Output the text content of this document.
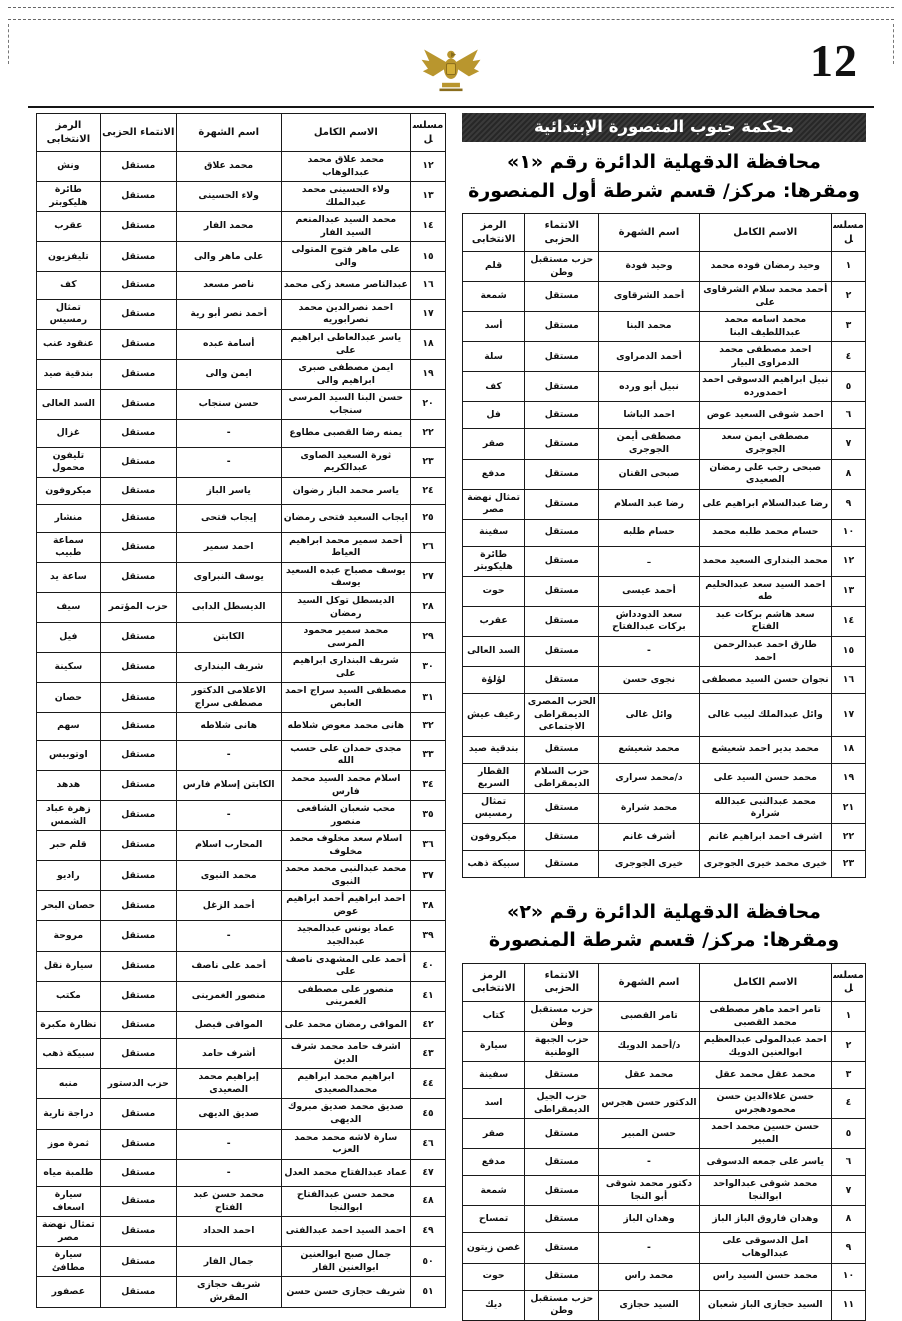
12
محكمة جنوب المنصورة الإبتدائية
محافظة الدقهلية الدائرة رقم «١»
ومقرها: مركز/ قسم شرطة أول المنصورة
مسلسل	الاسم الكامل	اسم الشهرة	الانتماء الحزبى	الرمز الانتخابى
١	وحيد رمضان فوده محمد	وحيد فودة	حزب مستقبل وطن	قلم
٢	أحمد محمد سلام الشرقاوى على	أحمد الشرقاوى	مستقل	شمعة
٣	محمد اسامه محمد عبداللطيف البنا	محمد البنا	مستقل	أسد
٤	احمد مصطفى محمد الدمراوى البيار	أحمد الدمراوى	مستقل	سلة
٥	نبيل ابراهيم الدسوقى احمد احمدورده	نبيل أبو ورده	مستقل	كف
٦	احمد شوقى السعيد عوض	احمد الباشا	مستقل	فل
٧	مصطفى ايمن سعد الجوجرى	مصطفى أيمن الجوجرى	مستقل	صقر
٨	صبحى رجب على رمضان الصعيدى	صبحى القنان	مستقل	مدفع
٩	رضا عبدالسلام ابراهيم على	رضا عبد السلام	مستقل	تمثال نهضة مصر
١٠	حسام محمد طلبه محمد	حسام طلبه	مستقل	سفينة
١٢	محمد البندارى السعيد محمد	ـ	مستقل	طائرة هليكوبتر
١٣	احمد السيد سعد عبدالحليم طه	أحمد عيسى	مستقل	حوت
١٤	سعد هاشم بركات عبد الفتاح	سعد الدودداش بركات عبدالفتاح	مستقل	عقرب
١٥	طارق احمد عبدالرحمن احمد	-	مستقل	السد العالى
١٦	نجوان حسن السيد مصطفى	نجوى حسن	مستقل	لؤلؤة
١٧	وائل عبدالملك لبيب غالى	وائل غالى	الحزب المصرى الديمقراطى الاجتماعى	رغيف عيش
١٨	محمد بدير احمد شعيشع	محمد شعيشع	مستقل	بندقية صيد
١٩	محمد حسن السيد على	د/محمد سرارى	حزب السلام الديمقراطى	القطار السريع
٢١	محمد عبدالنبى عبدالله شرارة	محمد شرارة	مستقل	تمثال رمسيس
٢٢	اشرف احمد ابراهيم غانم	أشرف غانم	مستقل	ميكروفون
٢٣	خيرى محمد خيرى الجوجرى	خيرى الجوجرى	مستقل	سبيكة ذهب
محافظة الدقهلية الدائرة رقم «٢»
ومقرها: مركز/ قسم شرطة المنصورة
مسلسل	الاسم الكامل	اسم الشهرة	الانتماء الحزبى	الرمز الانتخابى
١	تامر احمد ماهر مصطفى محمد القصبى	تامر القصبى	حزب مستقبل وطن	كتاب
٢	احمد عبدالمولى عبدالعظيم ابوالعنين الدويك	د/أحمد الدويك	حزب الجبهة الوطنية	سيارة
٣	محمد عقل محمد عقل	محمد عقل	مستقل	سفينة
٤	حسن علاءالدين حسن محمودهجرس	الدكتور حسن هجرس	حزب الجيل الديمقراطى	اسد
٥	حسن حسين محمد احمد المبير	حسن المبير	مستقل	صقر
٦	ياسر على جمعه الدسوقى	-	مستقل	مدفع
٧	محمد شوقى عبدالواحد ابوالنجا	دكتور محمد شوقى أبو النجا	مستقل	شمعة
٨	وهدان فاروق الباز الباز	وهدان الباز	مستقل	تمساح
٩	امل الدسوقى على عبدالوهاب	-	مستقل	غصن زيتون
١٠	محمد حسن السيد راس	محمد راس	مستقل	حوت
١١	السيد حجازى الباز شعبان	السيد حجازى	حزب مستقبل وطن	ديك
مسلسل	الاسم الكامل	اسم الشهرة	الانتماء الحزبى	الرمز الانتخابى
١٢	محمد علاق محمد عبدالوهاب	محمد علاق	مستقل	ونش
١٣	ولاء الحسينى محمد عبدالملك	ولاء الحسينى	مستقل	طائرة هليكوبتر
١٤	محمد السيد عبدالمنعم السيد الفار	محمد الفار	مستقل	عقرب
١٥	على ماهر فتوح المتولى والى	على ماهر والى	مستقل	تليفزيون
١٦	عبدالناصر مسعد زكى محمد	ناصر مسعد	مستقل	كف
١٧	احمد نصرالدين محمد نصرابوريه	أحمد نصر أبو رية	مستقل	تمثال رمسيس
١٨	ياسر عبدالعاطى ابراهيم على	أسامة عبده	مستقل	عنقود عنب
١٩	ايمن مصطفى صبرى ابراهيم والى	ايمن والى	مستقل	بندقية صيد
٢٠	حسن البنا السيد المرسى سنجاب	حسن سنجاب	مستقل	السد العالى
٢٢	يمنه رضا القصبى مطاوع	-	مستقل	غزال
٢٣	ثورة السعيد الصاوى عبدالكريم	-	مستقل	تليفون محمول
٢٤	ياسر محمد الباز رضوان	ياسر الباز	مستقل	ميكروفون
٢٥	ايجاب السعيد فتحى رمضان	إيجاب فتحى	مستقل	منشار
٢٦	أحمد سمير محمد ابراهيم العياط	احمد سمير	مستقل	سماعة طبيب
٢٧	يوسف مصباح عبده السعيد يوسف	يوسف النبراوى	مستقل	ساعة يد
٢٨	الديسطل توكل السيد رمضان	الديسطل الدابى	حزب المؤتمر	سيف
٢٩	محمد سمير محمود المرسى	الكابتن	مستقل	فيل
٣٠	شريف البندارى ابراهيم على	شريف البندارى	مستقل	سكينة
٣١	مصطفى السيد سراج احمد العابص	الاعلامى الدكتور مصطفى سراج	مستقل	حصان
٣٢	هانى محمد معوض شلاطه	هانى شلاطه	مستقل	سهم
٣٣	مجدى حمدان على حسب الله	-	مستقل	اوتوبيس
٣٤	اسلام محمد السيد محمد فارس	الكابتن إسلام فارس	مستقل	هدهد
٣٥	محب شعبان الشافعى منصور	-	مستقل	زهرة عباد الشمس
٣٦	اسلام سعد مخلوف محمد مخلوف	المحارب اسلام	مستقل	قلم حبر
٣٧	محمد عبدالنبى محمد محمد النبوى	محمد النبوى	مستقل	راديو
٣٨	احمد ابراهيم أحمد ابراهيم عوض	أحمد الزغل	مستقل	حصان البحر
٣٩	عماد يونس عبدالمجيد عبدالجيد	-	مستقل	مروحة
٤٠	أحمد على المشهدى ناصف على	أحمد على ناصف	مستقل	سيارة نقل
٤١	منصور على مصطفى الغمرينى	منصور الغمرينى	مستقل	مكتب
٤٢	الموافى رمضان محمد على	الموافى فيصل	مستقل	نظارة مكبرة
٤٣	اشرف حامد محمد شرف الدين	أشرف حامد	مستقل	سبيكة ذهب
٤٤	ابراهيم محمد ابراهيم محمدالصعيدى	إبراهيم محمد الصعيدى	حزب الدستور	منبه
٤٥	صديق محمد صديق مبروك الديهى	صديق الديهى	مستقل	دراجة نارية
٤٦	سارة لاشه محمد محمد العزب	-	مستقل	ثمرة موز
٤٧	عماد عبدالفتاح محمد العدل	-	مستقل	طلمبة مياه
٤٨	محمد حسن عبدالفتاح ابوالنجا	محمد حسن عبد الفتاح	مستقل	سيارة اسعاف
٤٩	احمد السيد احمد عبدالفتى	احمد الحداد	مستقل	تمثال نهضة مصر
٥٠	جمال صبح ابوالعنين ابوالعنين الفار	جمال الفار	مستقل	سيارة مطافئ
٥١	شريف حجازى حسن حسن	شريف حجازى المقرش	مستقل	عصفور
